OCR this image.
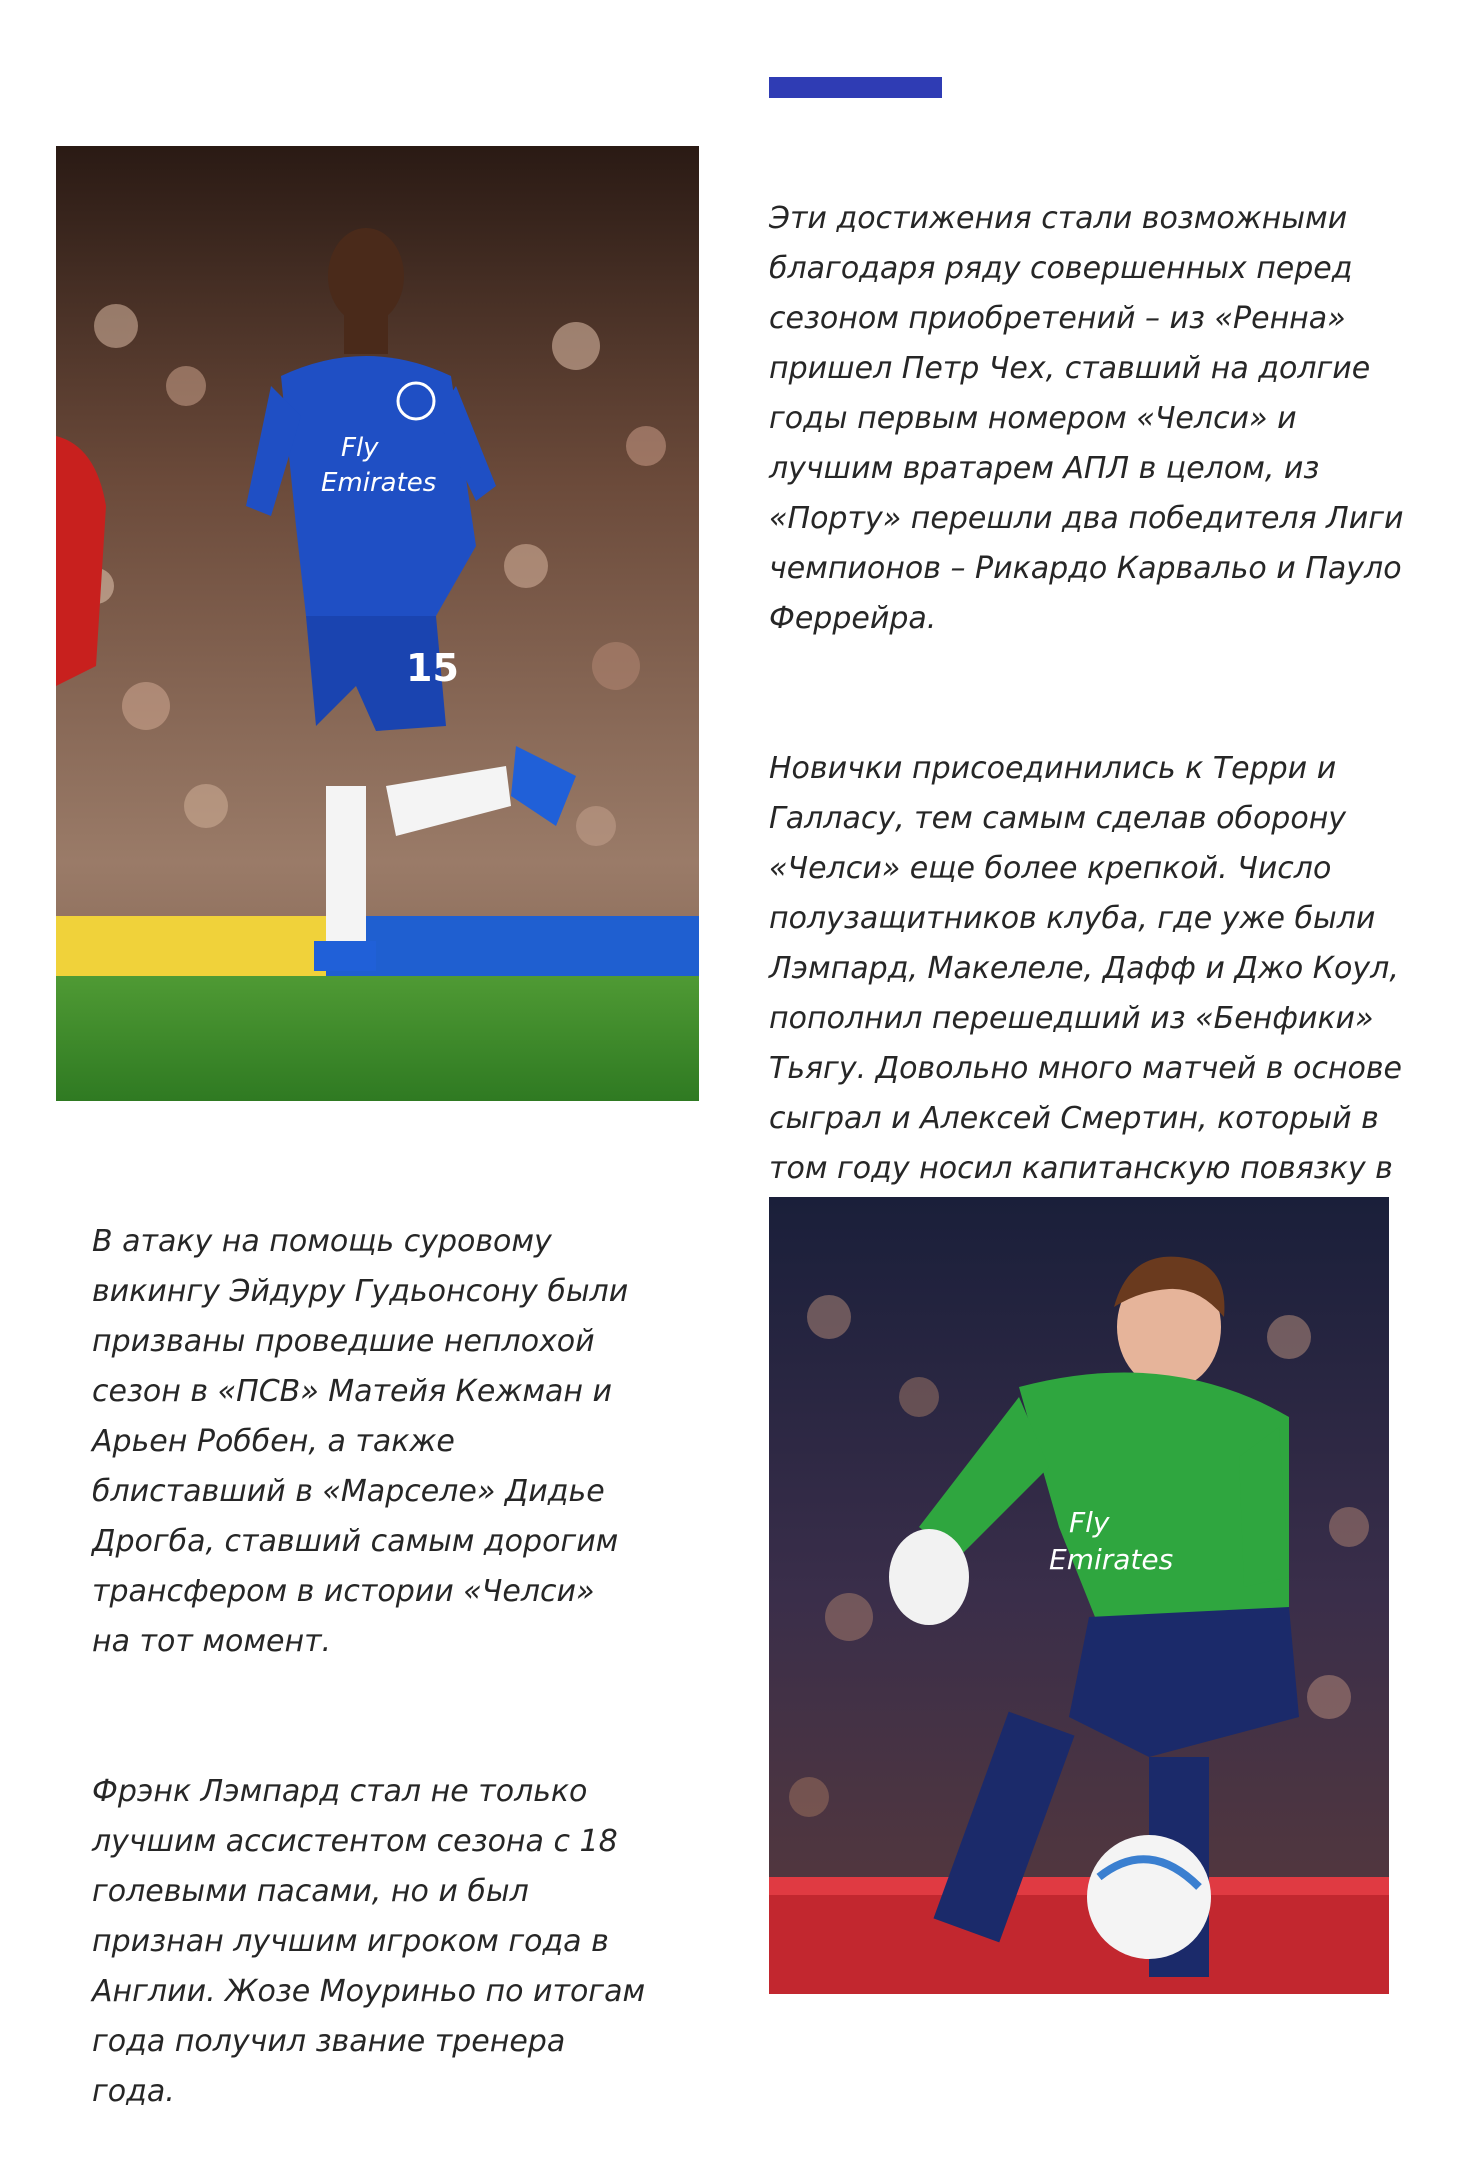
15
Fly
Emirates

Эти достижения стали возможными
благодаря ряду совершенных перед
сезоном приобретений – из «Ренна»
пришел Петр Чех, ставший на долгие
годы первым номером «Челси» и
лучшим вратарем АПЛ в целом, из
«Порту» перешли два победителя Лиги
чемпионов – Рикардо Карвальо и Пауло
Феррейра.

Новички присоединились к Терри и
Галласу, тем самым сделав оборону
«Челси» еще более крепкой. Число
полузащитников клуба, где уже были
Лэмпард, Макелеле, Дафф и Джо Коул,
пополнил перешедший из «Бенфики»
Тьягу. Довольно много матчей в основе
сыграл и Алексей Смертин, который в
том году носил капитанскую повязку в

В атаку на помощь суровому
викингу Эйдуру Гудьонсону были
призваны проведшие неплохой
сезон в «ПСВ» Матейя Кежман и
Арьен Роббен, а также
блиставший в «Марселе» Дидье
Дрогба, ставший самым дорогим
трансфером в истории «Челси»
на тот момент.

Фрэнк Лэмпард стал не только
лучшим ассистентом сезона с 18
голевыми пасами, но и был
признан лучшим игроком года в
Англии. Жозе Моуриньо по итогам
года получил звание тренера
года.

Fly
Emirates
